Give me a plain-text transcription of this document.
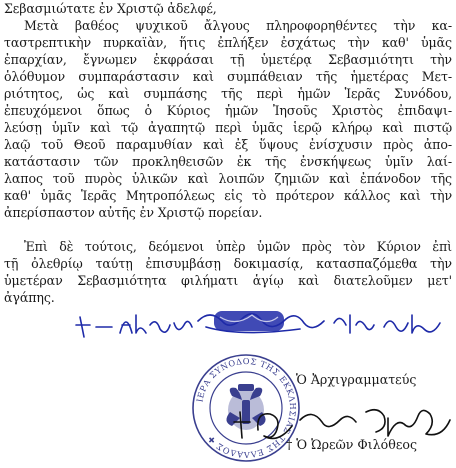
Σεβασμιώτατε ἐν Χριστῷ ἀδελφέ,
Μετὰ βαθέος ψυχικοῦ ἄλγους πληροφορηθέντες τὴν κα-
ταστρεπτικὴν πυρκαϊὰν, ἥτις ἐπλήξεν ἐσχάτως τὴν καθ' ὑμᾶς
ἐπαρχίαν, ἔγνωμεν ἐκφράσαι τῇ ὑμετέρᾳ Σεβασμιότητι τὴν
ὁλόθυμον συμπαράστασιν καὶ συμπάθειαν τῆς ἡμετέρας Μετ-
ριότητος, ὡς καὶ συμπάσης τῆς περὶ ἡμῶν Ἱερᾶς Συνόδου,
ἐπευχόμενοι ὅπως ὁ Κύριος ἡμῶν Ἰησοῦς Χριστὸς ἐπιδαψι-
λεύσῃ ὑμῖν καὶ τῷ ἀγαπητῷ περὶ ὑμᾶς ἱερῷ κλήρῳ καὶ πιστῷ
λαῷ τοῦ Θεοῦ παραμυθίαν καὶ ἐξ ὕψους ἐνίσχυσιν πρὸς ἀπο-
κατάστασιν τῶν προκληθεισῶν ἐκ τῆς ἐνσκήψεως ὑμῖν λαί-
λαπος τοῦ πυρὸς ὑλικῶν καὶ λοιπῶν ζημιῶν καὶ ἐπάνοδον τῆς
καθ' ὑμᾶς Ἱερᾶς Μητροπόλεως εἰς τὸ πρότερον κάλλος καὶ τὴν
ἀπερίσπαστον αὐτῆς ἐν Χριστῷ πορείαν.
Ἐπὶ δὲ τούτοις, δεόμενοι ὑπὲρ ὑμῶν πρὸς τὸν Κύριον ἐπὶ
τῇ ὀλεθρίῳ ταύτῃ ἐπισυμβάσῃ δοκιμασίᾳ, κατασπαζόμεθα τὴν
ὑμετέραν Σεβασμιότητα φιλήματι ἁγίῳ καὶ διατελοῦμεν μετ'
ἀγάπης.
ΙΕΡΑ ΣΥΝΟΔΟΣ ΤΗΣ ΕΚΚΛΗΣΙΑΣ ΤΗΣ ΕΛΛΑΔΟΣ ✚
Ὁ Ἀρχιγραμματεύς
† Ὁ Ὠρεῶν Φιλόθεος
